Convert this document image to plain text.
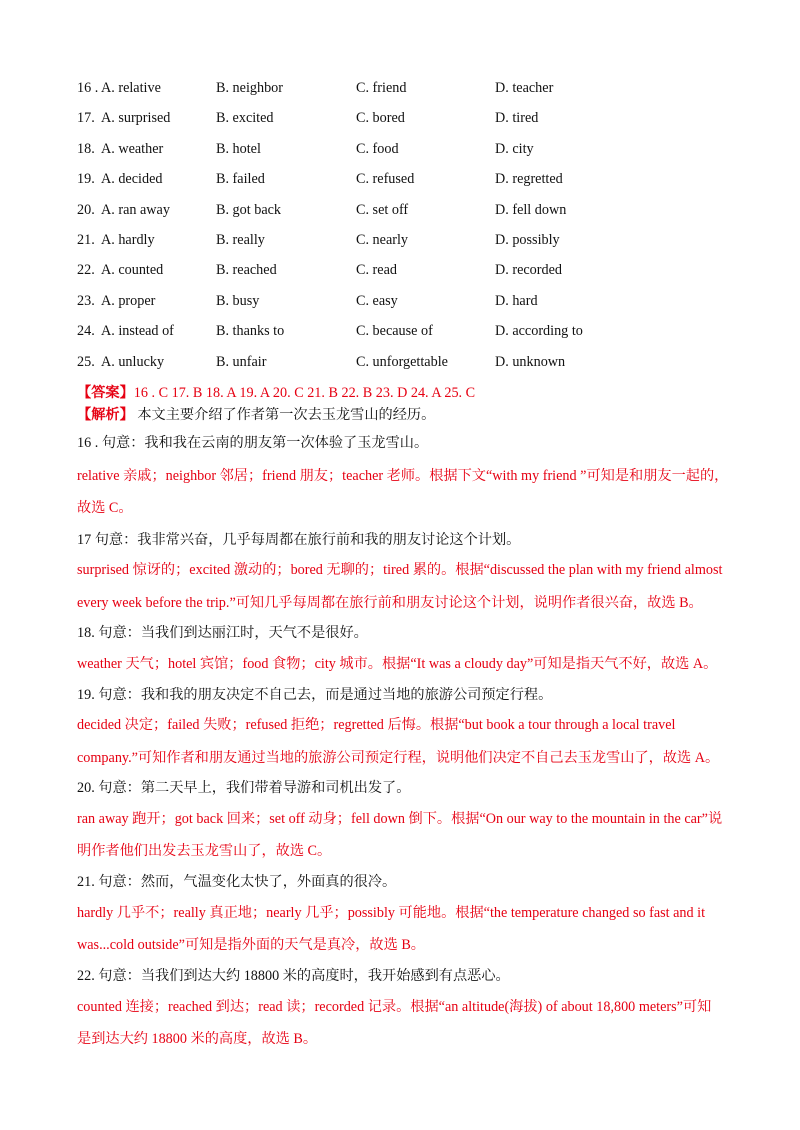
16 . A. relative	B. neighbor	C. friend	D. teacher
17. A. surprised	B. excited	C. bored	D. tired
18. A. weather	B. hotel	C. food	D. city
19. A. decided	B. failed	C. refused	D. regretted
20. A. ran away	B. got back	C. set off	D. fell down
21. A. hardly	B. really	C. nearly	D. possibly
22. A. counted	B. reached	C. read	D. recorded
23. A. proper	B. busy	C. easy	D. hard
24. A. instead of	B. thanks to	C. because of	D. according to
25. A. unlucky	B. unfair	C. unforgettable	D. unknown
【答案】16 . C 17. B 18. A 19. A 20. C 21. B 22. B 23. D 24. A 25. C
【解析】 本文主要介绍了作者第一次去玉龙雪山的经历。
16 . 句意：我和我在云南的朋友第一次体验了玉龙雪山。
relative 亲戚；neighbor 邻居；friend 朋友；teacher 老师。根据下文“with my friend ”可知是和朋友一起的，
故选 C。
17 句意：我非常兴奋，几乎每周都在旅行前和我的朋友讨论这个计划。
surprised 惊讶的；excited 激动的；bored 无聊的；tired 累的。根据“discussed the plan with my friend almost
every week before the trip.”可知几乎每周都在旅行前和朋友讨论这个计划，说明作者很兴奋，故选 B。
18. 句意：当我们到达丽江时，天气不是很好。
weather 天气；hotel 宾馆；food 食物；city 城市。根据“It was a cloudy day”可知是指天气不好，故选 A。
19. 句意：我和我的朋友决定不自己去，而是通过当地的旅游公司预定行程。
decided 决定；failed 失败；refused 拒绝；regretted 后悔。根据“but book a tour through a local travel
company.”可知作者和朋友通过当地的旅游公司预定行程，说明他们决定不自己去玉龙雪山了，故选 A。
20. 句意：第二天早上，我们带着导游和司机出发了。
ran away 跑开；got back 回来；set off 动身；fell down 倒下。根据“On our way to the mountain in the car”说
明作者他们出发去玉龙雪山了，故选 C。
21. 句意：然而，气温变化太快了，外面真的很冷。
hardly 几乎不；really 真正地；nearly 几乎；possibly 可能地。根据“the temperature changed so fast and it
was...cold outside”可知是指外面的天气是真冷，故选 B。
22. 句意：当我们到达大约 18800 米的高度时，我开始感到有点恶心。
counted 连接；reached 到达；read 读；recorded 记录。根据“an altitude(海拔) of about 18,800 meters”可知
是到达大约 18800 米的高度，故选 B。
